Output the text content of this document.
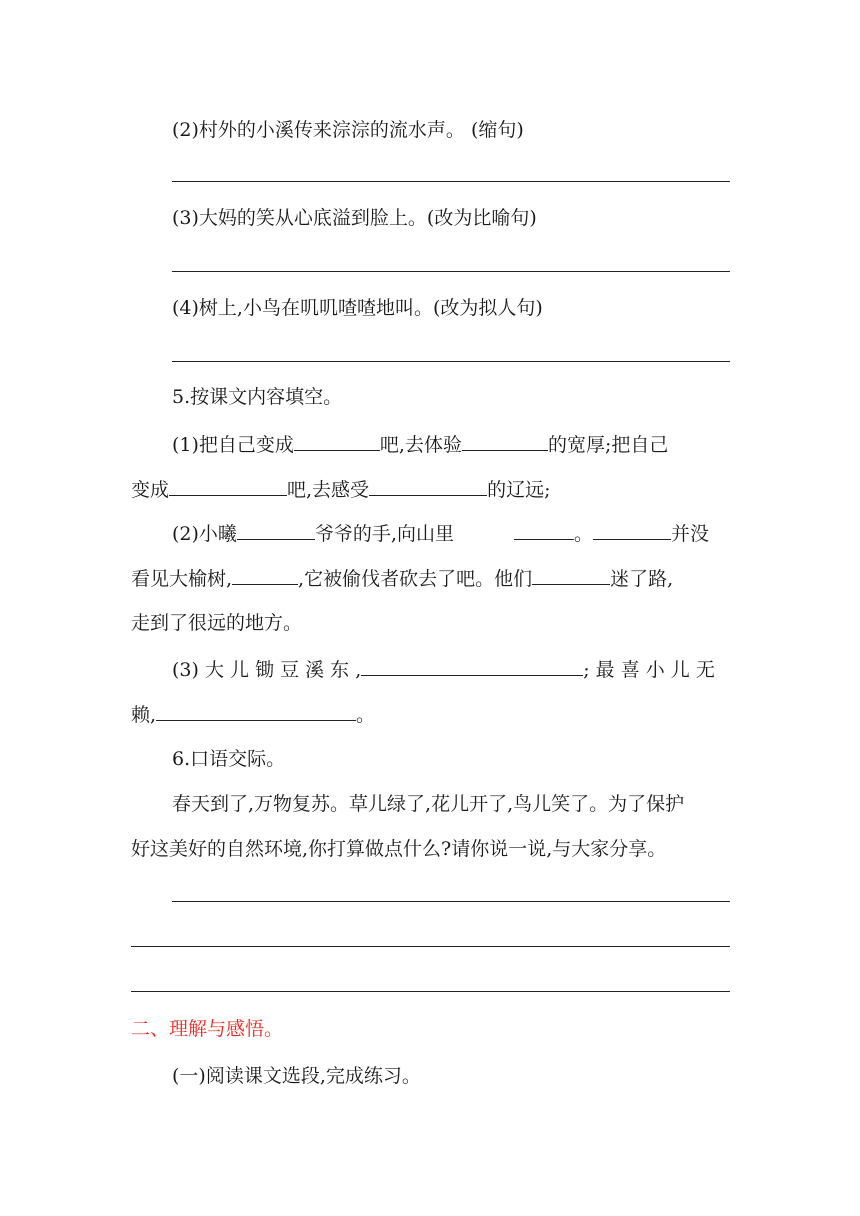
(2)村外的小溪传来淙淙的流水声。 (缩句)
(3)大妈的笑从心底溢到脸上。(改为比喻句)
(4)树上,小鸟在叽叽喳喳地叫。(改为拟人句)
5.按课文内容填空。
(1)把自己变成	吧,去体验	的宽厚;把自己
变成	吧,去感受	的辽远;
(2)小曦	爷爷的手,向山里	。	并没
看见大榆树,	,它被偷伐者砍去了吧。他们	迷了路,
走到了很远的地方。
(3) 大 儿 锄 豆 溪 东 ,	; 最 喜 小 儿 无
赖,	。
6.口语交际。
春天到了,万物复苏。草儿绿了,花儿开了,鸟儿笑了。为了保护
好这美好的自然环境,你打算做点什么?请你说一说,与大家分享。
二、理解与感悟。
(一)阅读课文选段,完成练习。
